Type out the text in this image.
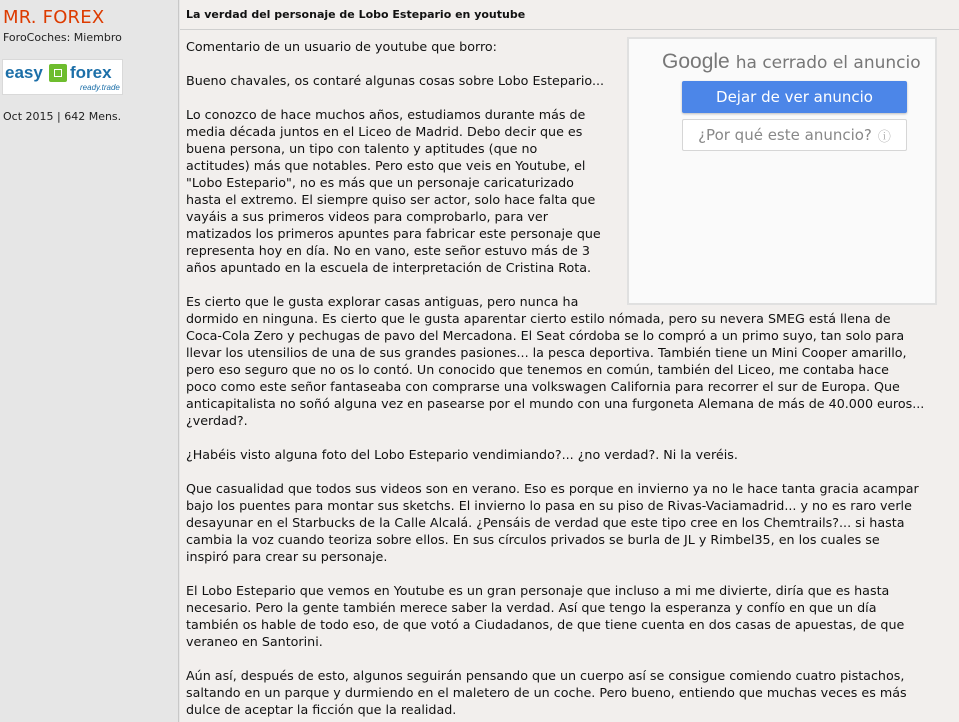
MR. FOREX
ForoCoches: Miembro
easy forex
ready.trade
Oct 2015 | 642 Mens.
La verdad del personaje de Lobo Estepario en youtube
Google ha cerrado el anuncio
Dejar de ver anuncio
¿Por qué este anuncio? ⓘ
Comentario de un usuario de youtube que borro:
Bueno chavales, os contaré algunas cosas sobre Lobo Estepario...
Lo conozco de hace muchos años, estudiamos durante más de
media década juntos en el Liceo de Madrid. Debo decir que es
buena persona, un tipo con talento y aptitudes (que no
actitudes) más que notables. Pero esto que veis en Youtube, el
"Lobo Estepario", no es más que un personaje caricaturizado
hasta el extremo. El siempre quiso ser actor, solo hace falta que
vayáis a sus primeros videos para comprobarlo, para ver
matizados los primeros apuntes para fabricar este personaje que
representa hoy en día. No en vano, este señor estuvo más de 3
años apuntado en la escuela de interpretación de Cristina Rota.
Es cierto que le gusta explorar casas antiguas, pero nunca ha
dormido en ninguna. Es cierto que le gusta aparentar cierto estilo nómada, pero su nevera SMEG está llena de
Coca-Cola Zero y pechugas de pavo del Mercadona. El Seat córdoba se lo compró a un primo suyo, tan solo para
llevar los utensilios de una de sus grandes pasiones... la pesca deportiva. También tiene un Mini Cooper amarillo,
pero eso seguro que no os lo contó. Un conocido que tenemos en común, también del Liceo, me contaba hace
poco como este señor fantaseaba con comprarse una volkswagen California para recorrer el sur de Europa. Que
anticapitalista no soñó alguna vez en pasearse por el mundo con una furgoneta Alemana de más de 40.000 euros...
¿verdad?.
¿Habéis visto alguna foto del Lobo Estepario vendimiando?... ¿no verdad?. Ni la veréis.
Que casualidad que todos sus videos son en verano. Eso es porque en invierno ya no le hace tanta gracia acampar
bajo los puentes para montar sus sketchs. El invierno lo pasa en su piso de Rivas-Vaciamadrid... y no es raro verle
desayunar en el Starbucks de la Calle Alcalá. ¿Pensáis de verdad que este tipo cree en los Chemtrails?... si hasta
cambia la voz cuando teoriza sobre ellos. En sus círculos privados se burla de JL y Rimbel35, en los cuales se
inspiró para crear su personaje.
El Lobo Estepario que vemos en Youtube es un gran personaje que incluso a mi me divierte, diría que es hasta
necesario. Pero la gente también merece saber la verdad. Así que tengo la esperanza y confío en que un día
también os hable de todo eso, de que votó a Ciudadanos, de que tiene cuenta en dos casas de apuestas, de que
veraneo en Santorini.
Aún así, después de esto, algunos seguirán pensando que un cuerpo así se consigue comiendo cuatro pistachos,
saltando en un parque y durmiendo en el maletero de un coche. Pero bueno, entiendo que muchas veces es más
dulce de aceptar la ficción que la realidad.
